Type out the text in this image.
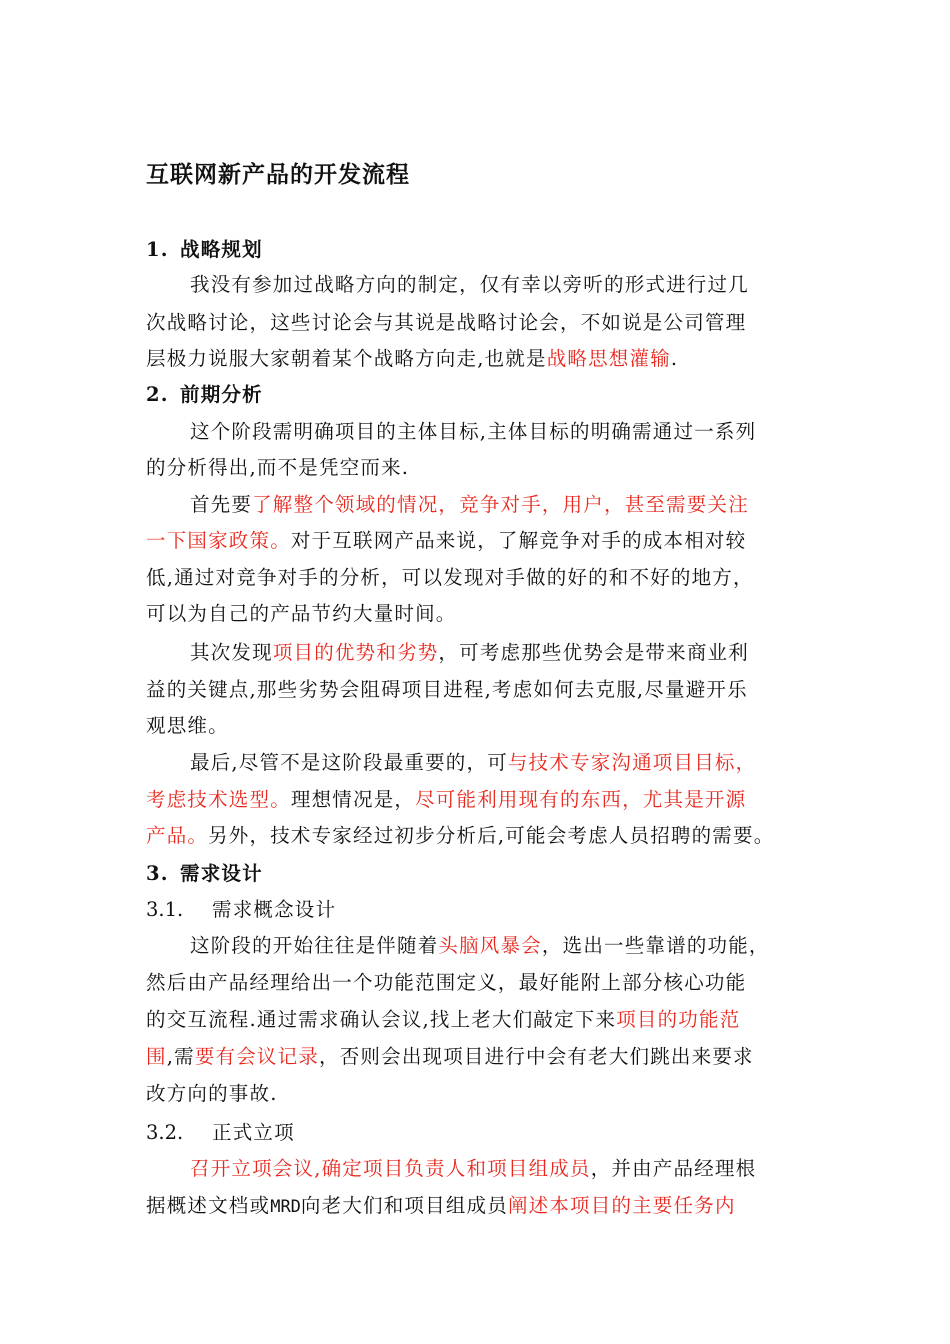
互联网新产品的开发流程
1. 战略规划
我没有参加过战略方向的制定，仅有幸以旁听的形式进行过几
次战略讨论，这些讨论会与其说是战略讨论会，不如说是公司管理
层极力说服大家朝着某个战略方向走,也就是战略思想灌输.
2. 前期分析
这个阶段需明确项目的主体目标,主体目标的明确需通过一系列
的分析得出,而不是凭空而来.
首先要了解整个领域的情况，竞争对手，用户，甚至需要关注
一下国家政策。对于互联网产品来说，了解竞争对手的成本相对较
低,通过对竞争对手的分析，可以发现对手做的好的和不好的地方，
可以为自己的产品节约大量时间。
其次发现项目的优势和劣势，可考虑那些优势会是带来商业利
益的关键点,那些劣势会阻碍项目进程,考虑如何去克服,尽量避开乐
观思维。
最后,尽管不是这阶段最重要的，可与技术专家沟通项目目标，
考虑技术选型。理想情况是，尽可能利用现有的东西，尤其是开源
产品。另外，技术专家经过初步分析后,可能会考虑人员招聘的需要。
3. 需求设计
3.1. 需求概念设计
这阶段的开始往往是伴随着头脑风暴会，选出一些靠谱的功能，
然后由产品经理给出一个功能范围定义，最好能附上部分核心功能
的交互流程.通过需求确认会议,找上老大们敲定下来项目的功能范
围,需要有会议记录，否则会出现项目进行中会有老大们跳出来要求
改方向的事故.
3.2. 正式立项
召开立项会议,确定项目负责人和项目组成员，并由产品经理根
据概述文档或MRD向老大们和项目组成员阐述本项目的主要任务内
